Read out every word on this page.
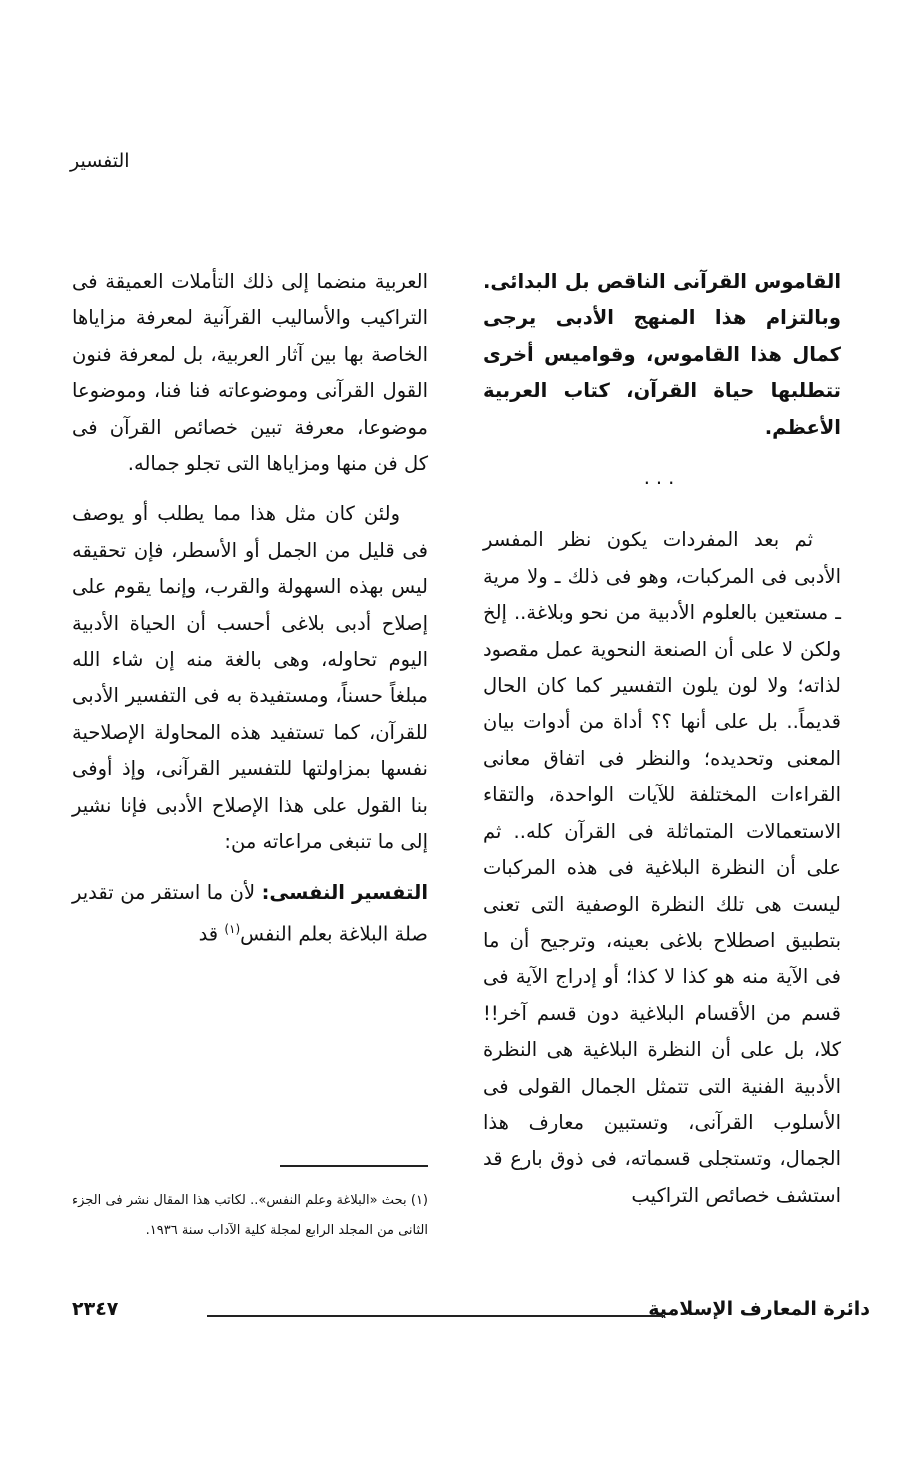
التفسير

القاموس القرآنى الناقص بل البدائى. وبالتزام هذا المنهج الأدبى يرجى كمال هذا القاموس، وقواميس أخرى تتطلبها حياة القرآن، كتاب العربية الأعظم.

...

ثم بعد المفردات يكون نظر المفسر الأدبى فى المركبات، وهو فى ذلك ـ ولا مرية ـ مستعين بالعلوم الأدبية من نحو وبلاغة.. إلخ ولكن لا على أن الصنعة النحوية عمل مقصود لذاته؛ ولا لون يلون التفسير كما كان الحال قديماً.. بل على أنها ؟؟ أداة من أدوات بيان المعنى وتحديده؛ والنظر فى اتفاق معانى القراءات المختلفة للآيات الواحدة، والتقاء الاستعمالات المتماثلة فى القرآن كله.. ثم على أن النظرة البلاغية فى هذه المركبات ليست هى تلك النظرة الوصفية التى تعنى بتطبيق اصطلاح بلاغى بعينه، وترجيح أن ما فى الآية منه هو كذا لا كذا؛ أو إدراج الآية فى قسم من الأقسام البلاغية دون قسم آخر!! كلا، بل على أن النظرة البلاغية هى النظرة الأدبية الفنية التى تتمثل الجمال القولى فى الأسلوب القرآنى، وتستبين معارف هذا الجمال، وتستجلى قسماته، فى ذوق بارع قد استشف خصائص التراكيب

العربية منضما إلى ذلك التأملات العميقة فى التراكيب والأساليب القرآنية لمعرفة مزاياها الخاصة بها بين آثار العربية، بل لمعرفة فنون القول القرآنى وموضوعاته فنا فنا، وموضوعا موضوعا، معرفة تبين خصائص القرآن فى كل فن منها ومزاياها التى تجلو جماله.

ولئن كان مثل هذا مما يطلب أو يوصف فى قليل من الجمل أو الأسطر، فإن تحقيقه ليس بهذه السهولة والقرب، وإنما يقوم على إصلاح أدبى بلاغى أحسب أن الحياة الأدبية اليوم تحاوله، وهى بالغة منه إن شاء الله مبلغاً حسناً، ومستفيدة به فى التفسير الأدبى للقرآن، كما تستفيد هذه المحاولة الإصلاحية نفسها بمزاولتها للتفسير القرآنى، وإذ أوفى بنا القول على هذا الإصلاح الأدبى فإنا نشير إلى ما تنبغى مراعاته من:

التفسير النفسى: لأن ما استقر من تقدير صلة البلاغة بعلم النفس$^{(١)}$ قد

(١) بحث «البلاغة وعلم النفس».. لكاتب هذا المقال نشر فى الجزء الثانى من المجلد الرابع لمجلة كلية الآداب سنة ١٩٣٦.
دائرة المعارف الإسلامية
٢٣٤٧
